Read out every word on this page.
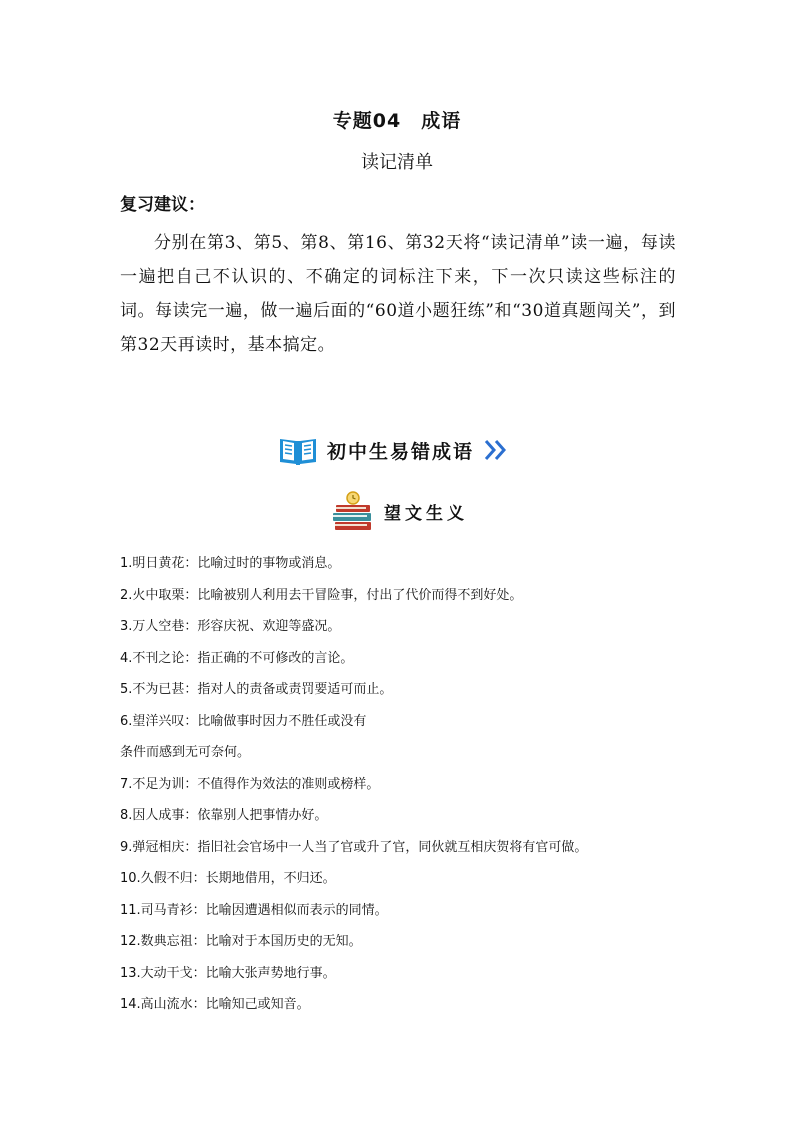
专题04　成语
读记清单
复习建议：
分别在第3、第5、第8、第16、第32天将“读记清单”读一遍，每读一遍把自己不认识的、不确定的词标注下来，下一次只读这些标注的词。每读完一遍，做一遍后面的“60道小题狂练”和“30道真题闯关”，到第32天再读时，基本搞定。
初中生易错成语
望文生义
1.明日黄花：比喻过时的事物或消息。
2.火中取栗：比喻被别人利用去干冒险事，付出了代价而得不到好处。
3.万人空巷：形容庆祝、欢迎等盛况。
4.不刊之论：指正确的不可修改的言论。
5.不为已甚：指对人的责备或责罚要适可而止。
6.望洋兴叹：比喻做事时因力不胜任或没有
条件而感到无可奈何。
7.不足为训：不值得作为效法的准则或榜样。
8.因人成事：依靠别人把事情办好。
9.弹冠相庆：指旧社会官场中一人当了官或升了官，同伙就互相庆贺将有官可做。
10.久假不归：长期地借用，不归还。
11.司马青衫：比喻因遭遇相似而表示的同情。
12.数典忘祖：比喻对于本国历史的无知。
13.大动干戈：比喻大张声势地行事。
14.高山流水：比喻知己或知音。
